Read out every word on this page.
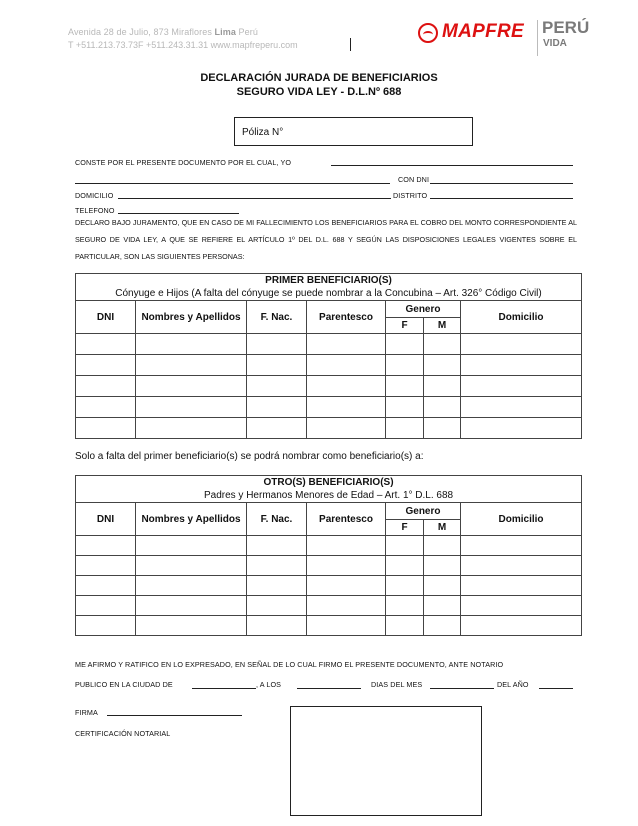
Avenida 28 de Julio, 873 Miraflores Lima Perú
T +511.213.73.73F +511.243.31.31 www.mapfreperu.com
MAPFRE PERÚ
VIDA
DECLARACIÓN JURADA DE BENEFICIARIOS
SEGURO VIDA LEY - D.L.Nº 688
Póliza N°
CONSTE POR EL PRESENTE DOCUMENTO POR EL CUAL, YO
CON DNI
DOMICILIO	DISTRITO
TELEFONO
DECLARO BAJO JURAMENTO, QUE EN CASO DE MI FALLECIMIENTO LOS BENEFICIARIOS PARA EL COBRO DEL MONTO CORRESPONDIENTE AL SEGURO DE VIDA LEY, A QUE SE REFIERE EL ARTÍCULO 1º DEL D.L. 688 Y SEGÚN LAS DISPOSICIONES LEGALES VIGENTES SOBRE EL PARTICULAR, SON LAS SIGUIENTES PERSONAS:
PRIMER BENEFICIARIO(S)						
Cónyuge e Hijos (A falta del cónyuge se puede nombrar a la Concubina – Art. 326° Código Civil)						
DNI	Nombres y Apellidos	F. Nac.	Parentesco	Genero		Domicilio
				F	M	

Solo a falta del primer beneficiario(s) se podrá nombrar como beneficiario(s) a:
OTRO(S) BENEFICIARIO(S)						
Padres y Hermanos Menores de Edad – Art. 1° D.L. 688						
DNI	Nombres y Apellidos	F. Nac.	Parentesco	Genero		Domicilio
				F	M	

ME AFIRMO Y RATIFICO EN LO EXPRESADO, EN SEÑAL DE LO CUAL FIRMO EL PRESENTE DOCUMENTO, ANTE NOTARIO
PUBLICO EN LA CIUDAD DE	, A LOS	DIAS DEL MES	DEL AÑO
FIRMA
CERTIFICACIÓN NOTARIAL
